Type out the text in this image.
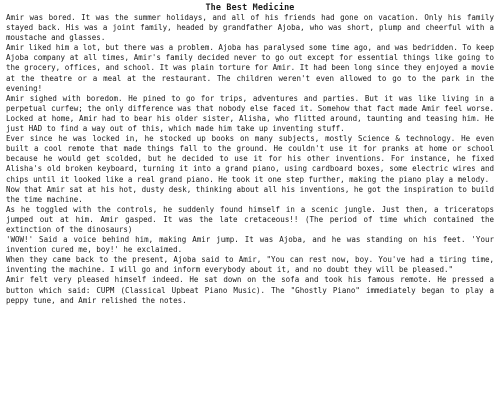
The Best Medicine

Amir was bored. It was the summer holidays, and all of his friends had gone on vacation. Only his family stayed back. His was a joint family, headed by grandfather Ajoba, who was short, plump and cheerful with a moustache and glasses.

Amir liked him a lot, but there was a problem. Ajoba has paralysed some time ago, and was bedridden. To keep Ajoba company at all times, Amir's family decided never to go out except for essential things like going to the grocery, offices, and school. It was plain torture for Amir. It had been long since they enjoyed a movie at the theatre or a meal at the restaurant. The children weren't even allowed to go to the park in the evening!

Amir sighed with boredom. He pined to go for trips, adventures and parties. But it was like living in a perpetual curfew; the only difference was that nobody else faced it. Somehow that fact made Amir feel worse. Locked at home, Amir had to bear his older sister, Alisha, who flitted around, taunting and teasing him. He just HAD to find a way out of this, which made him take up inventing stuff.

Ever since he was locked in, he stocked up books on many subjects, mostly Science & technology. He even built a cool remote that made things fall to the ground. He couldn't use it for pranks at home or school because he would get scolded, but he decided to use it for his other inventions. For instance, he fixed Alisha's old broken keyboard, turning it into a grand piano, using cardboard boxes, some electric wires and chips until it looked like a real grand piano. He took it one step further, making the piano play a melody.

Now that Amir sat at his hot, dusty desk, thinking about all his inventions, he got the inspiration to build the time machine.

As he toggled with the controls, he suddenly found himself in a scenic jungle. Just then, a triceratops jumped out at him. Amir gasped. It was the late cretaceous!! (The period of time which contained the extinction of the dinosaurs)

'WOW!' Said a voice behind him, making Amir jump. It was Ajoba, and he was standing on his feet. 'Your invention cured me, boy!' he exclaimed.

When they came back to the present, Ajoba said to Amir, "You can rest now, boy. You've had a tiring time, inventing the machine. I will go and inform everybody about it, and no doubt they will be pleased."

Amir felt very pleased himself indeed. He sat down on the sofa and took his famous remote. He pressed a button which said: CUPM (Classical Upbeat Piano Music). The "Ghostly Piano" immediately began to play a peppy tune, and Amir relished the notes.
